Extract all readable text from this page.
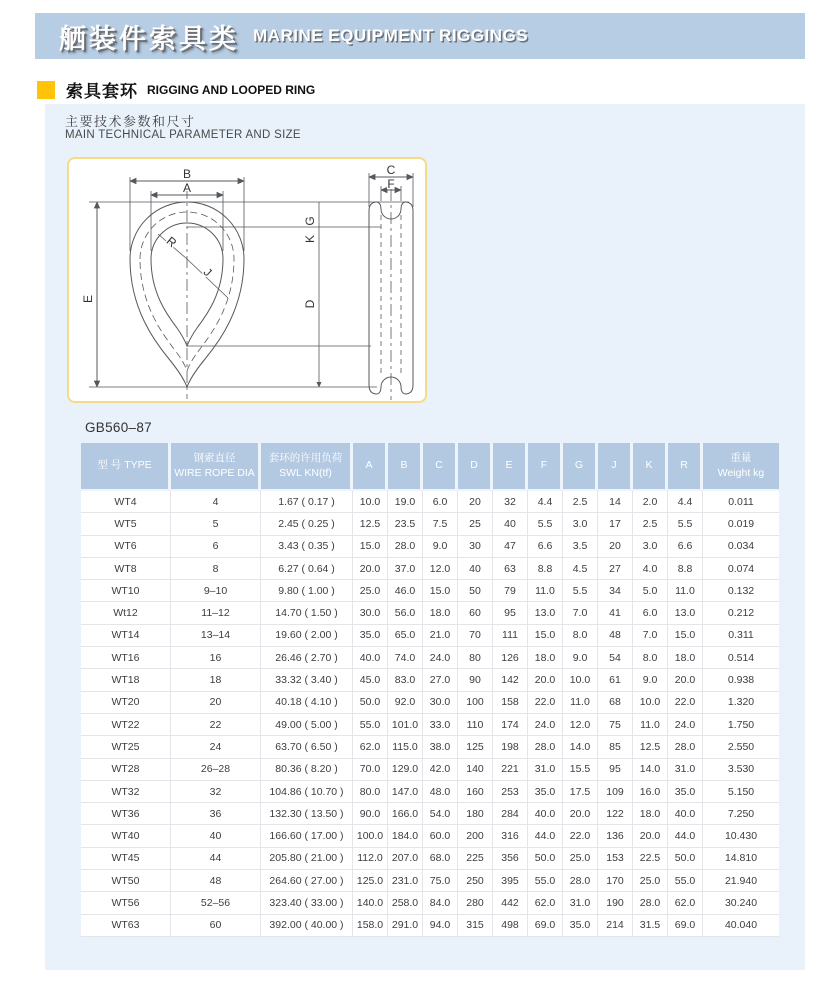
舾装件索具类 MARINE EQUIPMENT RIGGINGS
索具套环 RIGGING AND LOOPED RING
主要技术参数和尺寸
MAIN TECHNICAL PARAMETER AND SIZE
B
A
E
R
J
G
K
D
C
F
GB560–87
型 号 TYPE

钢索直径
WIRE ROPE DIA

套环的许用负荷
SWL KN(tf)

A	B	C	D	E	F	G	J	K	R

重量
Weight kg

WT4	4	1.67 ( 0.17 )	10.0	19.0	6.0	20	32	4.4	2.5	14	2.0	4.4	0.011
WT5	5	2.45 ( 0.25 )	12.5	23.5	7.5	25	40	5.5	3.0	17	2.5	5.5	0.019
WT6	6	3.43 ( 0.35 )	15.0	28.0	9.0	30	47	6.6	3.5	20	3.0	6.6	0.034
WT8	8	6.27 ( 0.64 )	20.0	37.0	12.0	40	63	8.8	4.5	27	4.0	8.8	0.074
WT10	9–10	9.80 ( 1.00 )	25.0	46.0	15.0	50	79	11.0	5.5	34	5.0	11.0	0.132
Wt12	11–12	14.70 ( 1.50 )	30.0	56.0	18.0	60	95	13.0	7.0	41	6.0	13.0	0.212
WT14	13–14	19.60 ( 2.00 )	35.0	65.0	21.0	70	111	15.0	8.0	48	7.0	15.0	0.311
WT16	16	26.46 ( 2.70 )	40.0	74.0	24.0	80	126	18.0	9.0	54	8.0	18.0	0.514
WT18	18	33.32 ( 3.40 )	45.0	83.0	27.0	90	142	20.0	10.0	61	9.0	20.0	0.938
WT20	20	40.18 ( 4.10 )	50.0	92.0	30.0	100	158	22.0	11.0	68	10.0	22.0	1.320
WT22	22	49.00 ( 5.00 )	55.0	101.0	33.0	110	174	24.0	12.0	75	11.0	24.0	1.750
WT25	24	63.70 ( 6.50 )	62.0	115.0	38.0	125	198	28.0	14.0	85	12.5	28.0	2.550
WT28	26–28	80.36 ( 8.20 )	70.0	129.0	42.0	140	221	31.0	15.5	95	14.0	31.0	3.530
WT32	32	104.86 ( 10.70 )	80.0	147.0	48.0	160	253	35.0	17.5	109	16.0	35.0	5.150
WT36	36	132.30 ( 13.50 )	90.0	166.0	54.0	180	284	40.0	20.0	122	18.0	40.0	7.250
WT40	40	166.60 ( 17.00 )	100.0	184.0	60.0	200	316	44.0	22.0	136	20.0	44.0	10.430
WT45	44	205.80 ( 21.00 )	112.0	207.0	68.0	225	356	50.0	25.0	153	22.5	50.0	14.810
WT50	48	264.60 ( 27.00 )	125.0	231.0	75.0	250	395	55.0	28.0	170	25.0	55.0	21.940
WT56	52–56	323.40 ( 33.00 )	140.0	258.0	84.0	280	442	62.0	31.0	190	28.0	62.0	30.240
WT63	60	392.00 ( 40.00 )	158.0	291.0	94.0	315	498	69.0	35.0	214	31.5	69.0	40.040
